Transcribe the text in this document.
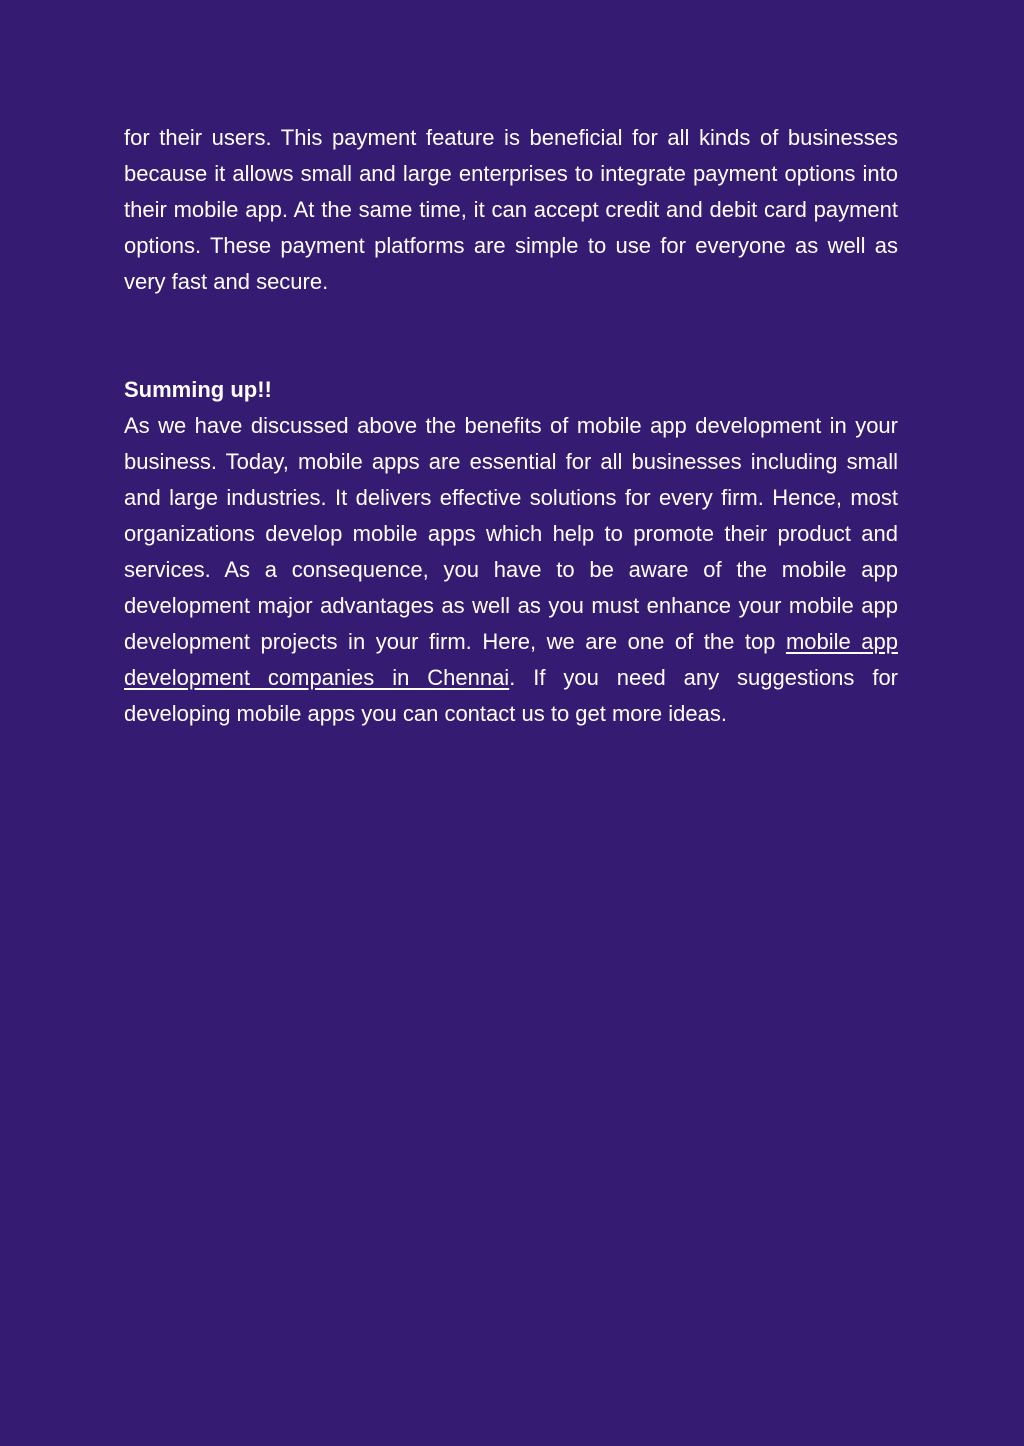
for their users. This payment feature is beneficial for all kinds of businesses because it allows small and large enterprises to integrate payment options into their mobile app. At the same time, it can accept credit and debit card payment options. These payment platforms are simple to use for everyone as well as very fast and secure.

Summing up!!

As we have discussed above the benefits of mobile app development in your business. Today, mobile apps are essential for all businesses including small and large industries. It delivers effective solutions for every firm. Hence, most organizations develop mobile apps which help to promote their product and services. As a consequence, you have to be aware of the mobile app development major advantages as well as you must enhance your mobile app development projects in your firm. Here, we are one of the top mobile app development companies in Chennai. If you need any suggestions for developing mobile apps you can contact us to get more ideas.
